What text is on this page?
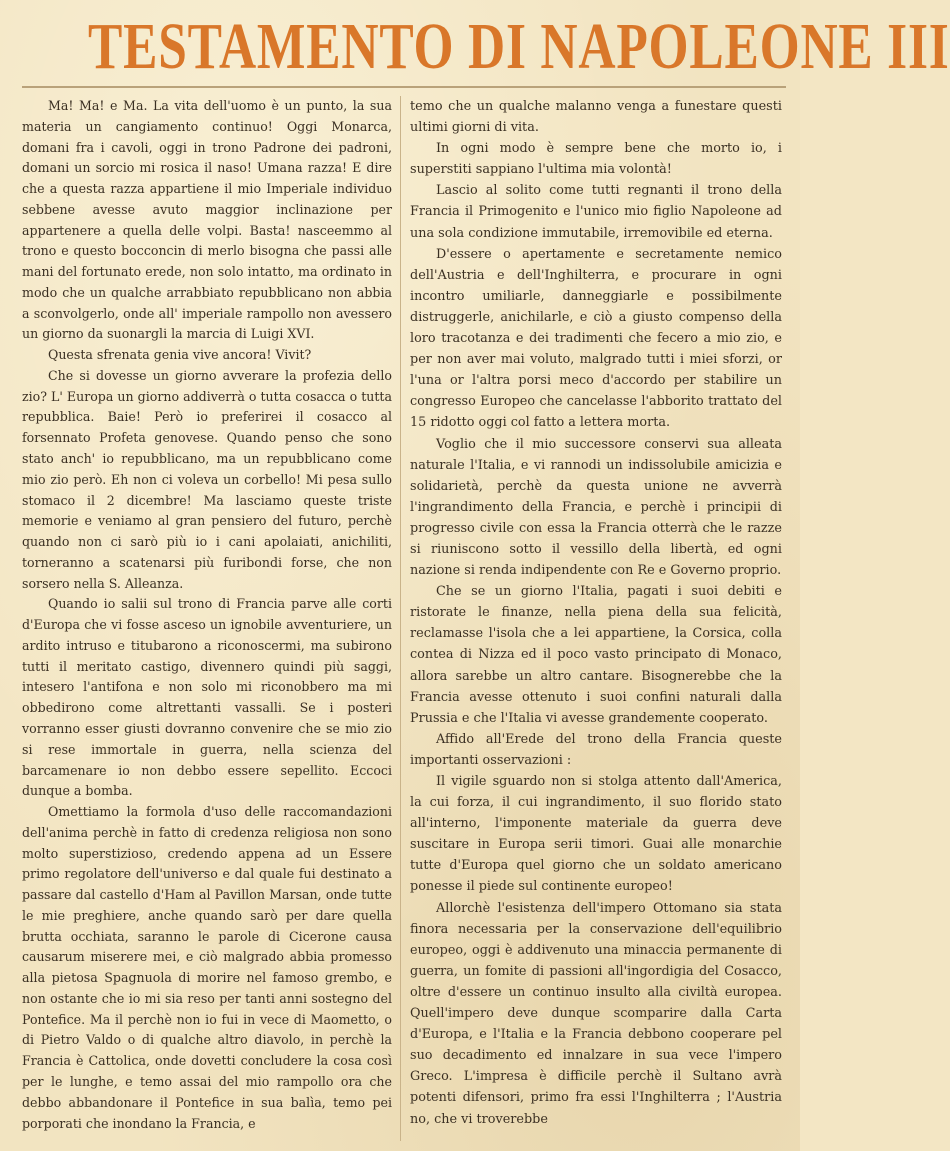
TESTAMENTO DI NAPOLEONE III

Ma! Ma! e Ma. La vita dell'uomo è un punto, la sua materia un cangiamento continuo! Oggi Monarca, domani fra i cavoli, oggi in trono Padrone dei padroni, domani un sorcio mi rosica il naso! Umana razza! E dire che a questa razza appartiene il mio Imperiale individuo sebbene avesse avuto maggior inclinazione per appartenere a quella delle volpi. Basta! nasceemmo al trono e questo bocconcin di merlo bisogna che passi alle mani del fortunato erede, non solo intatto, ma ordinato in modo che un qualche arrabbiato repubblicano non abbia a sconvolgerlo, onde all' imperiale rampollo non avessero un giorno da suonargli la marcia di Luigi XVI.

Questa sfrenata genia vive ancora! Vivit?

Che si dovesse un giorno avverare la profezia dello zio? L' Europa un giorno addiverrà o tutta cosacca o tutta repubblica. Baie! Però io preferirei il cosacco al forsennato Profeta genovese. Quando penso che sono stato anch' io repubblicano, ma un repubblicano come mio zio però. Eh non ci voleva un corbello! Mi pesa sullo stomaco il 2 dicembre! Ma lasciamo queste triste memorie e veniamo al gran pensiero del futuro, perchè quando non ci sarò più io i cani apolaiati, anichiliti, torneranno a scatenarsi più furibondi forse, che non sorsero nella S. Alleanza.

Quando io salii sul trono di Francia parve alle corti d'Europa che vi fosse asceso un ignobile avventuriere, un ardito intruso e titubarono a riconoscermi, ma subirono tutti il meritato castigo, divennero quindi più saggi, intesero l'antifona e non solo mi riconobbero ma mi obbedirono come altrettanti vassalli. Se i posteri vorranno esser giusti dovranno convenire che se mio zio si rese immortale in guerra, nella scienza del barcamenare io non debbo essere sepellito. Eccoci dunque a bomba.

Omettiamo la formola d'uso delle raccomandazioni dell'anima perchè in fatto di credenza religiosa non sono molto superstizioso, credendo appena ad un Essere primo regolatore dell'universo e dal quale fui destinato a passare dal castello d'Ham al Pavillon Marsan, onde tutte le mie preghiere, anche quando sarò per dare quella brutta occhiata, saranno le parole di Cicerone causa causarum miserere mei, e ciò malgrado abbia promesso alla pietosa Spagnuola di morire nel famoso grembo, e non ostante che io mi sia reso per tanti anni sostegno del Pontefice. Ma il perchè non io fui in vece di Maometto, o di Pietro Valdo o di qualche altro diavolo, in perchè la Francia è Cattolica, onde dovetti concludere la cosa così per le lunghe, e temo assai del mio rampollo ora che debbo abbandonare il Pontefice in sua balìa, temo pei porporati che inondano la Francia, e

temo che un qualche malanno venga a funestare questi ultimi giorni di vita.

In ogni modo è sempre bene che morto io, i superstiti sappiano l'ultima mia volontà!

Lascio al solito come tutti regnanti il trono della Francia il Primogenito e l'unico mio figlio Napoleone ad una sola condizione immutabile, irremovibile ed eterna.

D'essere o apertamente e secretamente nemico dell'Austria e dell'Inghilterra, e procurare in ogni incontro umiliarle, danneggiarle e possibilmente distruggerle, anichilarle, e ciò a giusto compenso della loro tracotanza e dei tradimenti che fecero a mio zio, e per non aver mai voluto, malgrado tutti i miei sforzi, or l'una or l'altra porsi meco d'accordo per stabilire un congresso Europeo che cancelasse l'abborito trattato del 15 ridotto oggi col fatto a lettera morta.

Voglio che il mio successore conservi sua alleata naturale l'Italia, e vi rannodi un indissolubile amicizia e solidarietà, perchè da questa unione ne avverrà l'ingrandimento della Francia, e perchè i principii di progresso civile con essa la Francia otterrà che le razze si riuniscono sotto il vessillo della libertà, ed ogni nazione si renda indipendente con Re e Governo proprio.

Che se un giorno l'Italia, pagati i suoi debiti e ristorate le finanze, nella piena della sua felicità, reclamasse l'isola che a lei appartiene, la Corsica, colla contea di Nizza ed il poco vasto principato di Monaco, allora sarebbe un altro cantare. Bisognerebbe che la Francia avesse ottenuto i suoi confini naturali dalla Prussia e che l'Italia vi avesse grandemente cooperato.

Affido all'Erede del trono della Francia queste importanti osservazioni :

Il vigile sguardo non si stolga attento dall'America, la cui forza, il cui ingrandimento, il suo florido stato all'interno, l'imponente materiale da guerra deve suscitare in Europa serii timori. Guai alle monarchie tutte d'Europa quel giorno che un soldato americano ponesse il piede sul continente europeo!

Allorchè l'esistenza dell'impero Ottomano sia stata finora necessaria per la conservazione dell'equilibrio europeo, oggi è addivenuto una minaccia permanente di guerra, un fomite di passioni all'ingordigia del Cosacco, oltre d'essere un continuo insulto alla civiltà europea. Quell'impero deve dunque scomparire dalla Carta d'Europa, e l'Italia e la Francia debbono cooperare pel suo decadimento ed innalzare in sua vece l'impero Greco. L'impresa è difficile perchè il Sultano avrà potenti difensori, primo fra essi l'Inghilterra ; l'Austria no, che vi troverebbe
